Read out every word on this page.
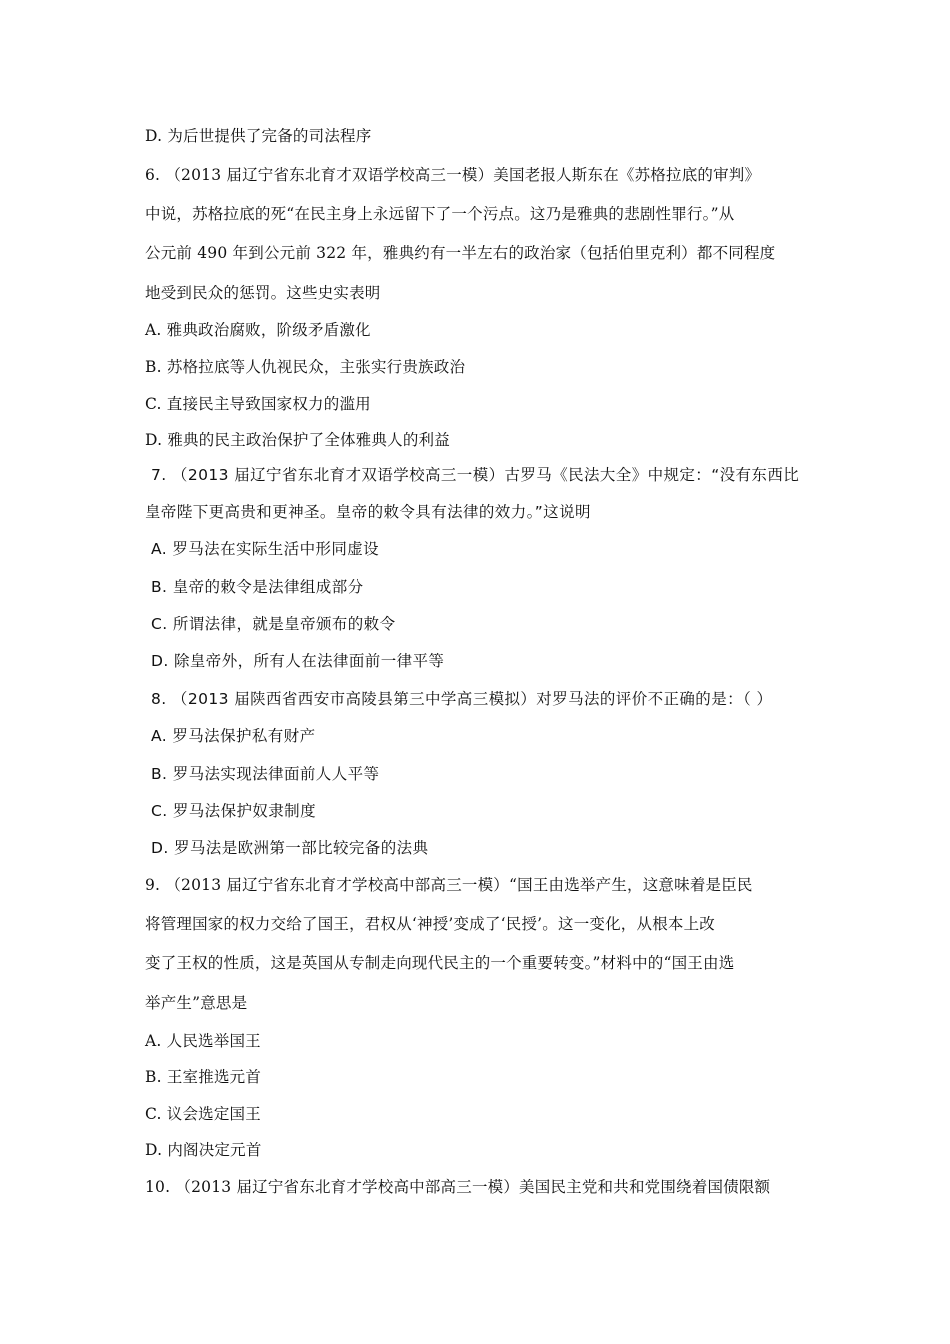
D. 为后世提供了完备的司法程序
6. （2013 届辽宁省东北育才双语学校高三一模）美国老报人斯东在《苏格拉底的审判》
中说，苏格拉底的死“在民主身上永远留下了一个污点。这乃是雅典的悲剧性罪行。”从
公元前 490 年到公元前 322 年，雅典约有一半左右的政治家（包括伯里克利）都不同程度
地受到民众的惩罚。这些史实表明
A. 雅典政治腐败，阶级矛盾激化
B. 苏格拉底等人仇视民众，主张实行贵族政治
C. 直接民主导致国家权力的滥用
D. 雅典的民主政治保护了全体雅典人的利益
7. （2013 届辽宁省东北育才双语学校高三一模）古罗马《民法大全》中规定：“没有东西比
皇帝陛下更高贵和更神圣。皇帝的敕令具有法律的效力。”这说明
A. 罗马法在实际生活中形同虚设
B. 皇帝的敕令是法律组成部分
C. 所谓法律，就是皇帝颁布的敕令
D. 除皇帝外，所有人在法律面前一律平等
8. （2013 届陕西省西安市高陵县第三中学高三模拟）对罗马法的评价不正确的是：（ ）
A. 罗马法保护私有财产
B. 罗马法实现法律面前人人平等
C. 罗马法保护奴隶制度
D. 罗马法是欧洲第一部比较完备的法典
9. （2013 届辽宁省东北育才学校高中部高三一模）“国王由选举产生，这意味着是臣民
将管理国家的权力交给了国王，君权从‘神授’变成了‘民授’。这一变化，从根本上改
变了王权的性质，这是英国从专制走向现代民主的一个重要转变。”材料中的“国王由选
举产生”意思是
A. 人民选举国王
B. 王室推选元首
C. 议会选定国王
D. 内阁决定元首
10. （2013 届辽宁省东北育才学校高中部高三一模）美国民主党和共和党围绕着国债限额
